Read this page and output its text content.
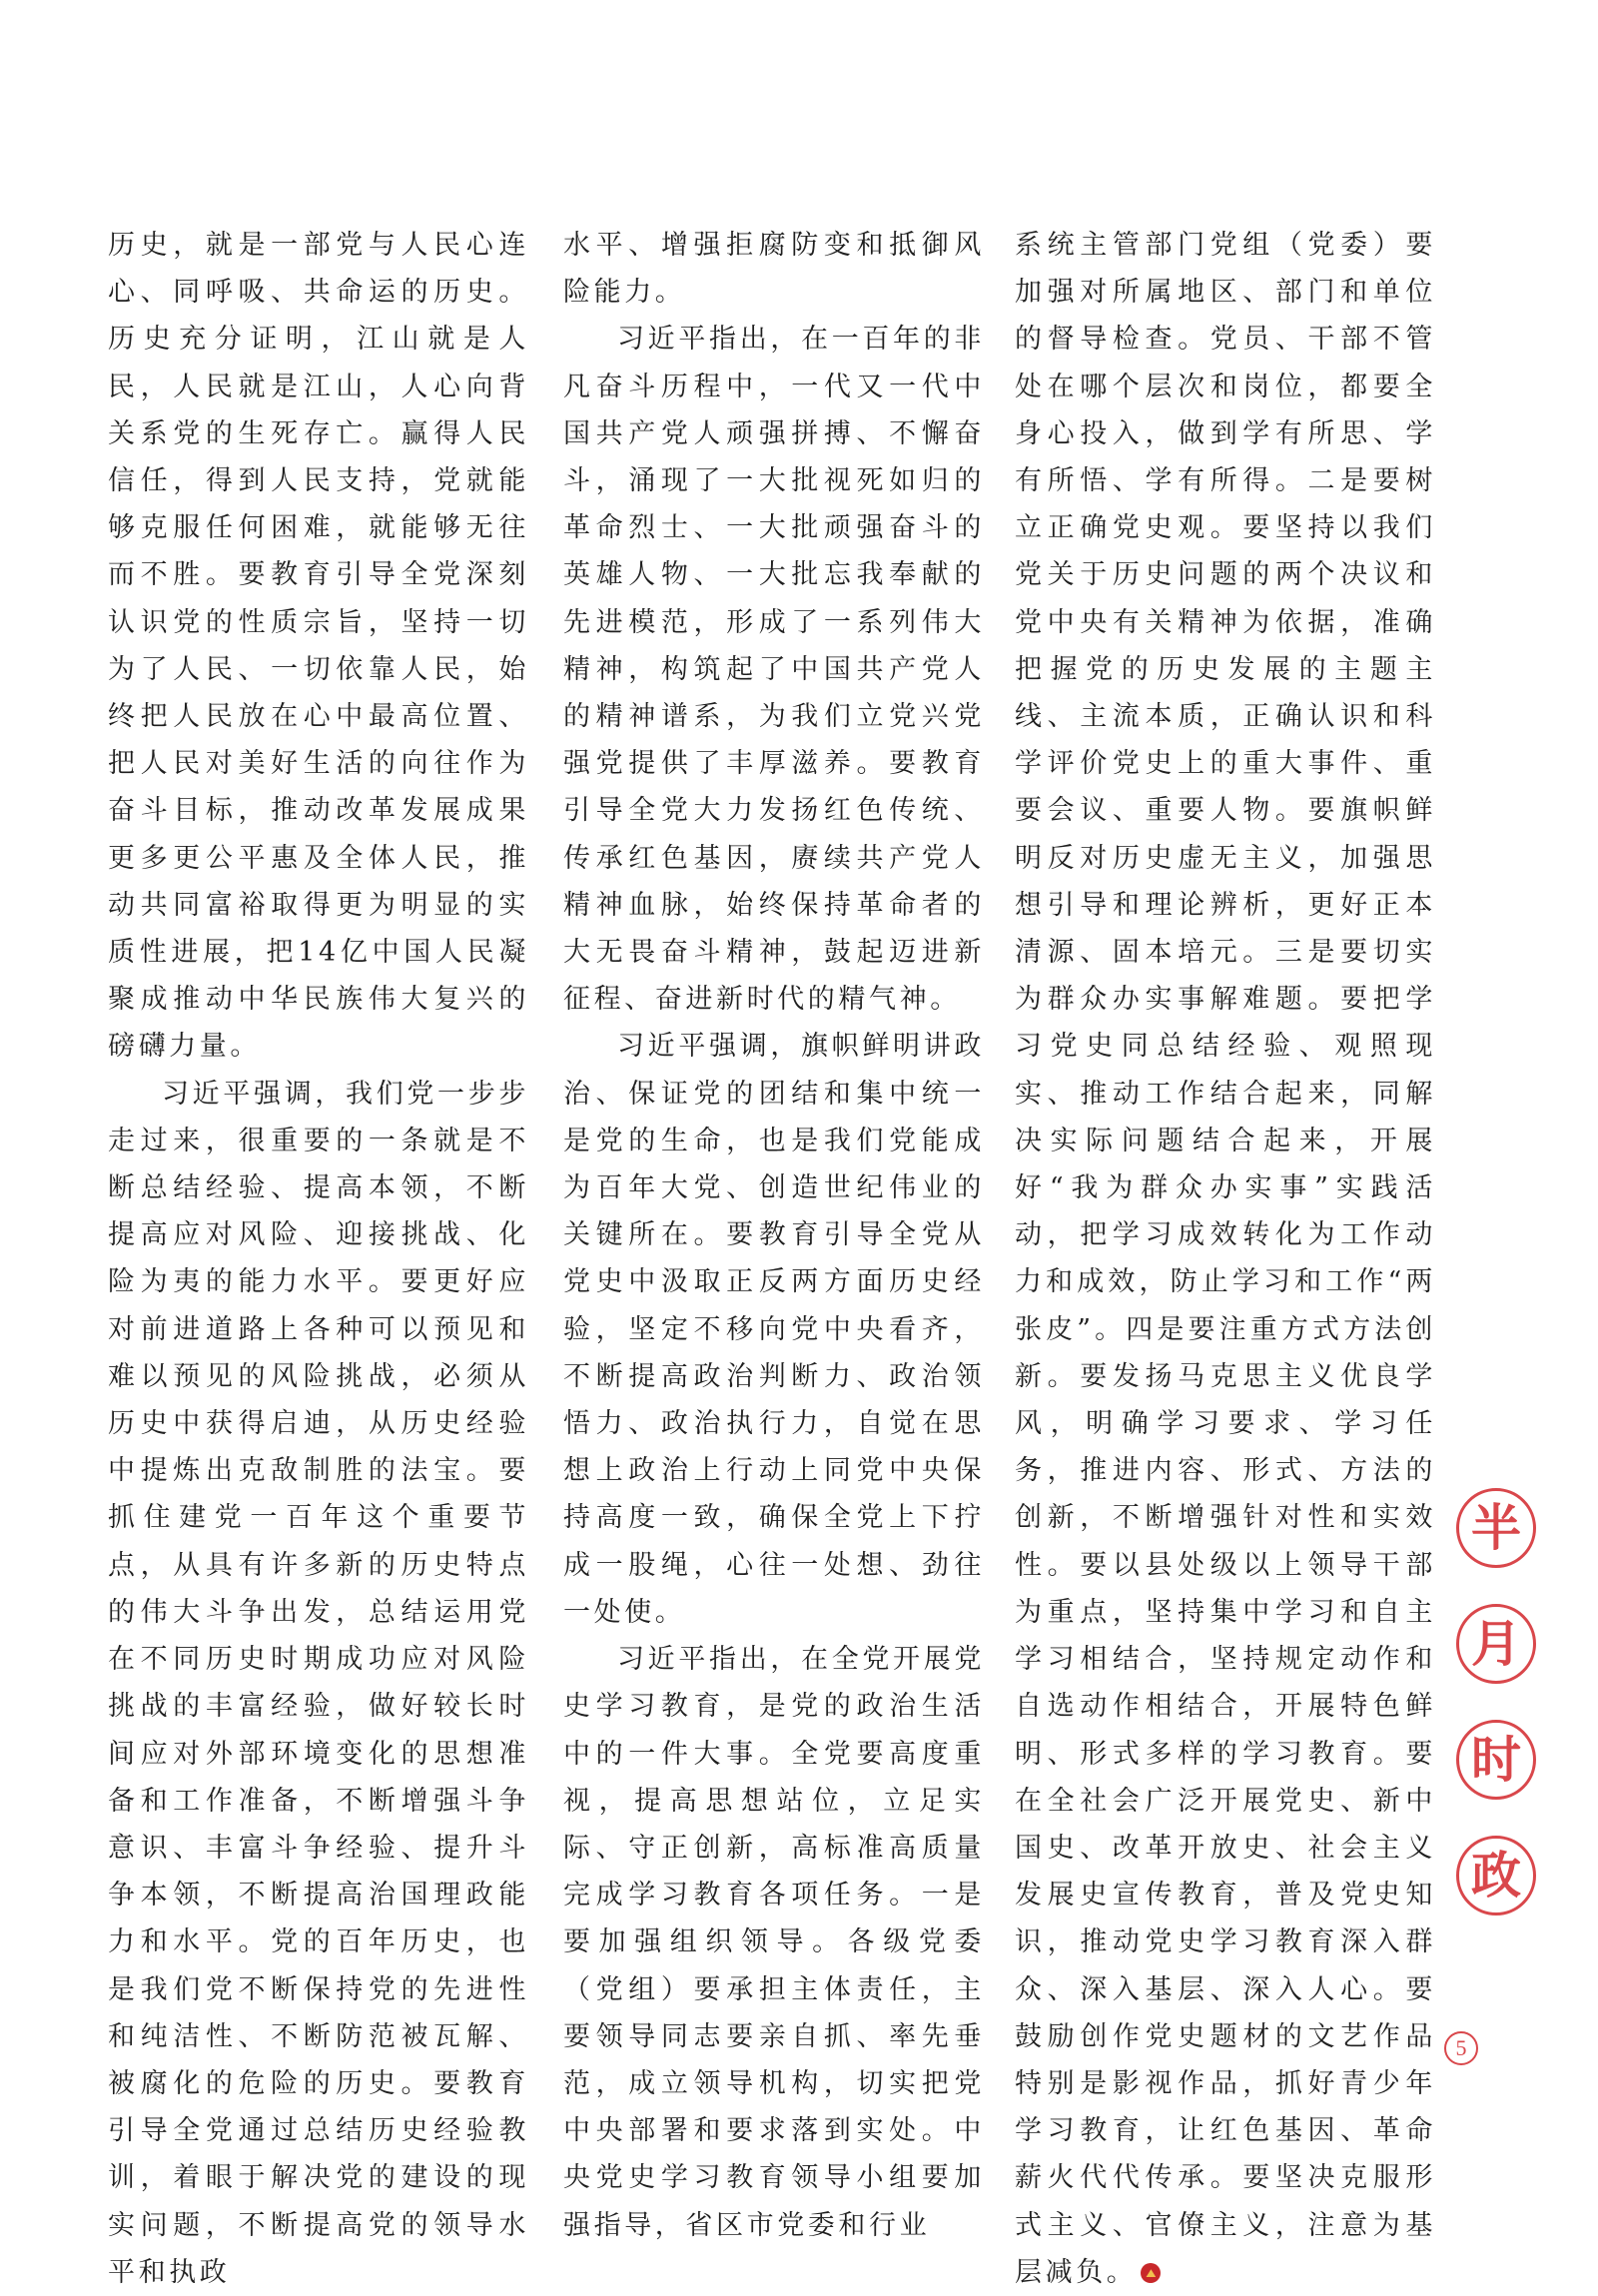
历史，就是一部党与人民心连心、同呼吸、共命运的历史。历史充分证明，江山就是人民，人民就是江山，人心向背关系党的生死存亡。赢得人民信任，得到人民支持，党就能够克服任何困难，就能够无往而不胜。要教育引导全党深刻认识党的性质宗旨，坚持一切为了人民、一切依靠人民，始终把人民放在心中最高位置、把人民对美好生活的向往作为奋斗目标，推动改革发展成果更多更公平惠及全体人民，推动共同富裕取得更为明显的实质性进展，把14亿中国人民凝聚成推动中华民族伟大复兴的磅礴力量。

习近平强调，我们党一步步走过来，很重要的一条就是不断总结经验、提高本领，不断提高应对风险、迎接挑战、化险为夷的能力水平。要更好应对前进道路上各种可以预见和难以预见的风险挑战，必须从历史中获得启迪，从历史经验中提炼出克敌制胜的法宝。要抓住建党一百年这个重要节点，从具有许多新的历史特点的伟大斗争出发，总结运用党在不同历史时期成功应对风险挑战的丰富经验，做好较长时间应对外部环境变化的思想准备和工作准备，不断增强斗争意识、丰富斗争经验、提升斗争本领，不断提高治国理政能力和水平。党的百年历史，也是我们党不断保持党的先进性和纯洁性、不断防范被瓦解、被腐化的危险的历史。要教育引导全党通过总结历史经验教训，着眼于解决党的建设的现实问题，不断提高党的领导水平和执政

水平、增强拒腐防变和抵御风险能力。

习近平指出，在一百年的非凡奋斗历程中，一代又一代中国共产党人顽强拼搏、不懈奋斗，涌现了一大批视死如归的革命烈士、一大批顽强奋斗的英雄人物、一大批忘我奉献的先进模范，形成了一系列伟大精神，构筑起了中国共产党人的精神谱系，为我们立党兴党强党提供了丰厚滋养。要教育引导全党大力发扬红色传统、传承红色基因，赓续共产党人精神血脉，始终保持革命者的大无畏奋斗精神，鼓起迈进新征程、奋进新时代的精气神。

习近平强调，旗帜鲜明讲政治、保证党的团结和集中统一是党的生命，也是我们党能成为百年大党、创造世纪伟业的关键所在。要教育引导全党从党史中汲取正反两方面历史经验，坚定不移向党中央看齐，不断提高政治判断力、政治领悟力、政治执行力，自觉在思想上政治上行动上同党中央保持高度一致，确保全党上下拧成一股绳，心往一处想、劲往一处使。

习近平指出，在全党开展党史学习教育，是党的政治生活中的一件大事。全党要高度重视，提高思想站位，立足实际、守正创新，高标准高质量完成学习教育各项任务。一是要加强组织领导。各级党委（党组）要承担主体责任，主要领导同志要亲自抓、率先垂范，成立领导机构，切实把党中央部署和要求落到实处。中央党史学习教育领导小组要加强指导，省区市党委和行业

系统主管部门党组（党委）要加强对所属地区、部门和单位的督导检查。党员、干部不管处在哪个层次和岗位，都要全身心投入，做到学有所思、学有所悟、学有所得。二是要树立正确党史观。要坚持以我们党关于历史问题的两个决议和党中央有关精神为依据，准确把握党的历史发展的主题主线、主流本质，正确认识和科学评价党史上的重大事件、重要会议、重要人物。要旗帜鲜明反对历史虚无主义，加强思想引导和理论辨析，更好正本清源、固本培元。三是要切实为群众办实事解难题。要把学习党史同总结经验、观照现实、推动工作结合起来，同解决实际问题结合起来，开展好“我为群众办实事”实践活动，把学习成效转化为工作动力和成效，防止学习和工作“两张皮”。四是要注重方式方法创新。要发扬马克思主义优良学风，明确学习要求、学习任务，推进内容、形式、方法的创新，不断增强针对性和实效性。要以县处级以上领导干部为重点，坚持集中学习和自主学习相结合，坚持规定动作和自选动作相结合，开展特色鲜明、形式多样的学习教育。要在全社会广泛开展党史、新中国史、改革开放史、社会主义发展史宣传教育，普及党史知识，推动党史学习教育深入群众、深入基层、深入人心。要鼓励创作党史题材的文艺作品特别是影视作品，抓好青少年学习教育，让红色基因、革命薪火代代传承。要坚决克服形式主义、官僚主义，注意为基层减负。

半
月
时
政
5
